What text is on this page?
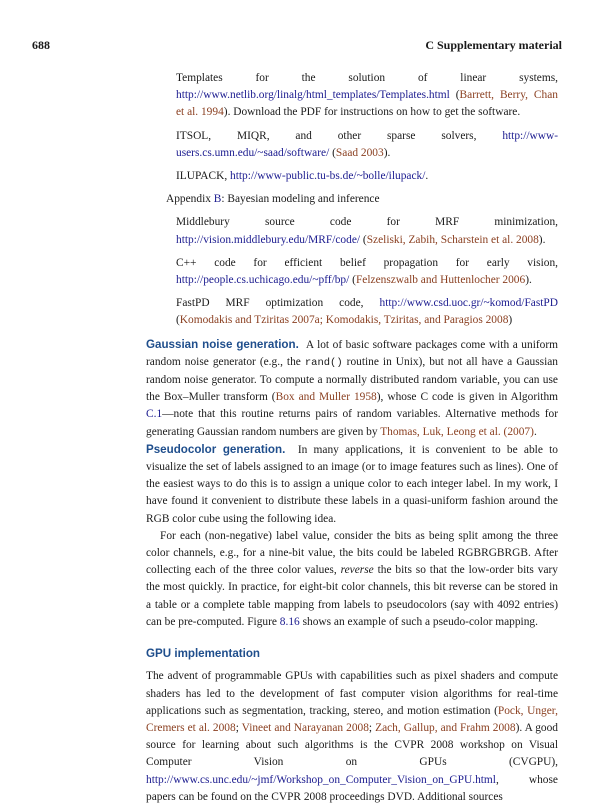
688	C Supplementary material

Templates for the solution of linear systems, http://www.netlib.org/linalg/html_templates/Templates.html (Barrett, Berry, Chan et al. 1994). Download the PDF for instructions on how to get the software.

ITSOL, MIQR, and other sparse solvers, http://www-users.cs.umn.edu/~saad/software/ (Saad 2003).

ILUPACK, http://www-public.tu-bs.de/~bolle/ilupack/.

Appendix B: Bayesian modeling and inference

Middlebury source code for MRF minimization, http://vision.middlebury.edu/MRF/code/ (Szeliski, Zabih, Scharstein et al. 2008).

C++ code for efficient belief propagation for early vision, http://people.cs.uchicago.edu/~pff/bp/ (Felzenszwalb and Huttenlocher 2006).

FastPD MRF optimization code, http://www.csd.uoc.gr/~komod/FastPD (Komodakis and Tziritas 2007a; Komodakis, Tziritas, and Paragios 2008)

Gaussian noise generation. A lot of basic software packages come with a uniform random noise generator (e.g., the rand() routine in Unix), but not all have a Gaussian random noise generator. To compute a normally distributed random variable, you can use the Box–Muller transform (Box and Muller 1958), whose C code is given in Algorithm C.1—note that this routine returns pairs of random variables. Alternative methods for generating Gaussian random numbers are given by Thomas, Luk, Leong et al. (2007).

Pseudocolor generation. In many applications, it is convenient to be able to visualize the set of labels assigned to an image (or to image features such as lines). One of the easiest ways to do this is to assign a unique color to each integer label. In my work, I have found it convenient to distribute these labels in a quasi-uniform fashion around the RGB color cube using the following idea.

For each (non-negative) label value, consider the bits as being split among the three color channels, e.g., for a nine-bit value, the bits could be labeled RGBRGBRGB. After collecting each of the three color values, reverse the bits so that the low-order bits vary the most quickly. In practice, for eight-bit color channels, this bit reverse can be stored in a table or a complete table mapping from labels to pseudocolors (say with 4092 entries) can be pre-computed. Figure 8.16 shows an example of such a pseudo-color mapping.

GPU implementation

The advent of programmable GPUs with capabilities such as pixel shaders and compute shaders has led to the development of fast computer vision algorithms for real-time applications such as segmentation, tracking, stereo, and motion estimation (Pock, Unger, Cremers et al. 2008; Vineet and Narayanan 2008; Zach, Gallup, and Frahm 2008). A good source for learning about such algorithms is the CVPR 2008 workshop on Visual Computer Vision on GPUs (CVGPU), http://www.cs.unc.edu/~jmf/Workshop_on_Computer_Vision_on_GPU.html, whose papers can be found on the CVPR 2008 proceedings DVD. Additional sources
